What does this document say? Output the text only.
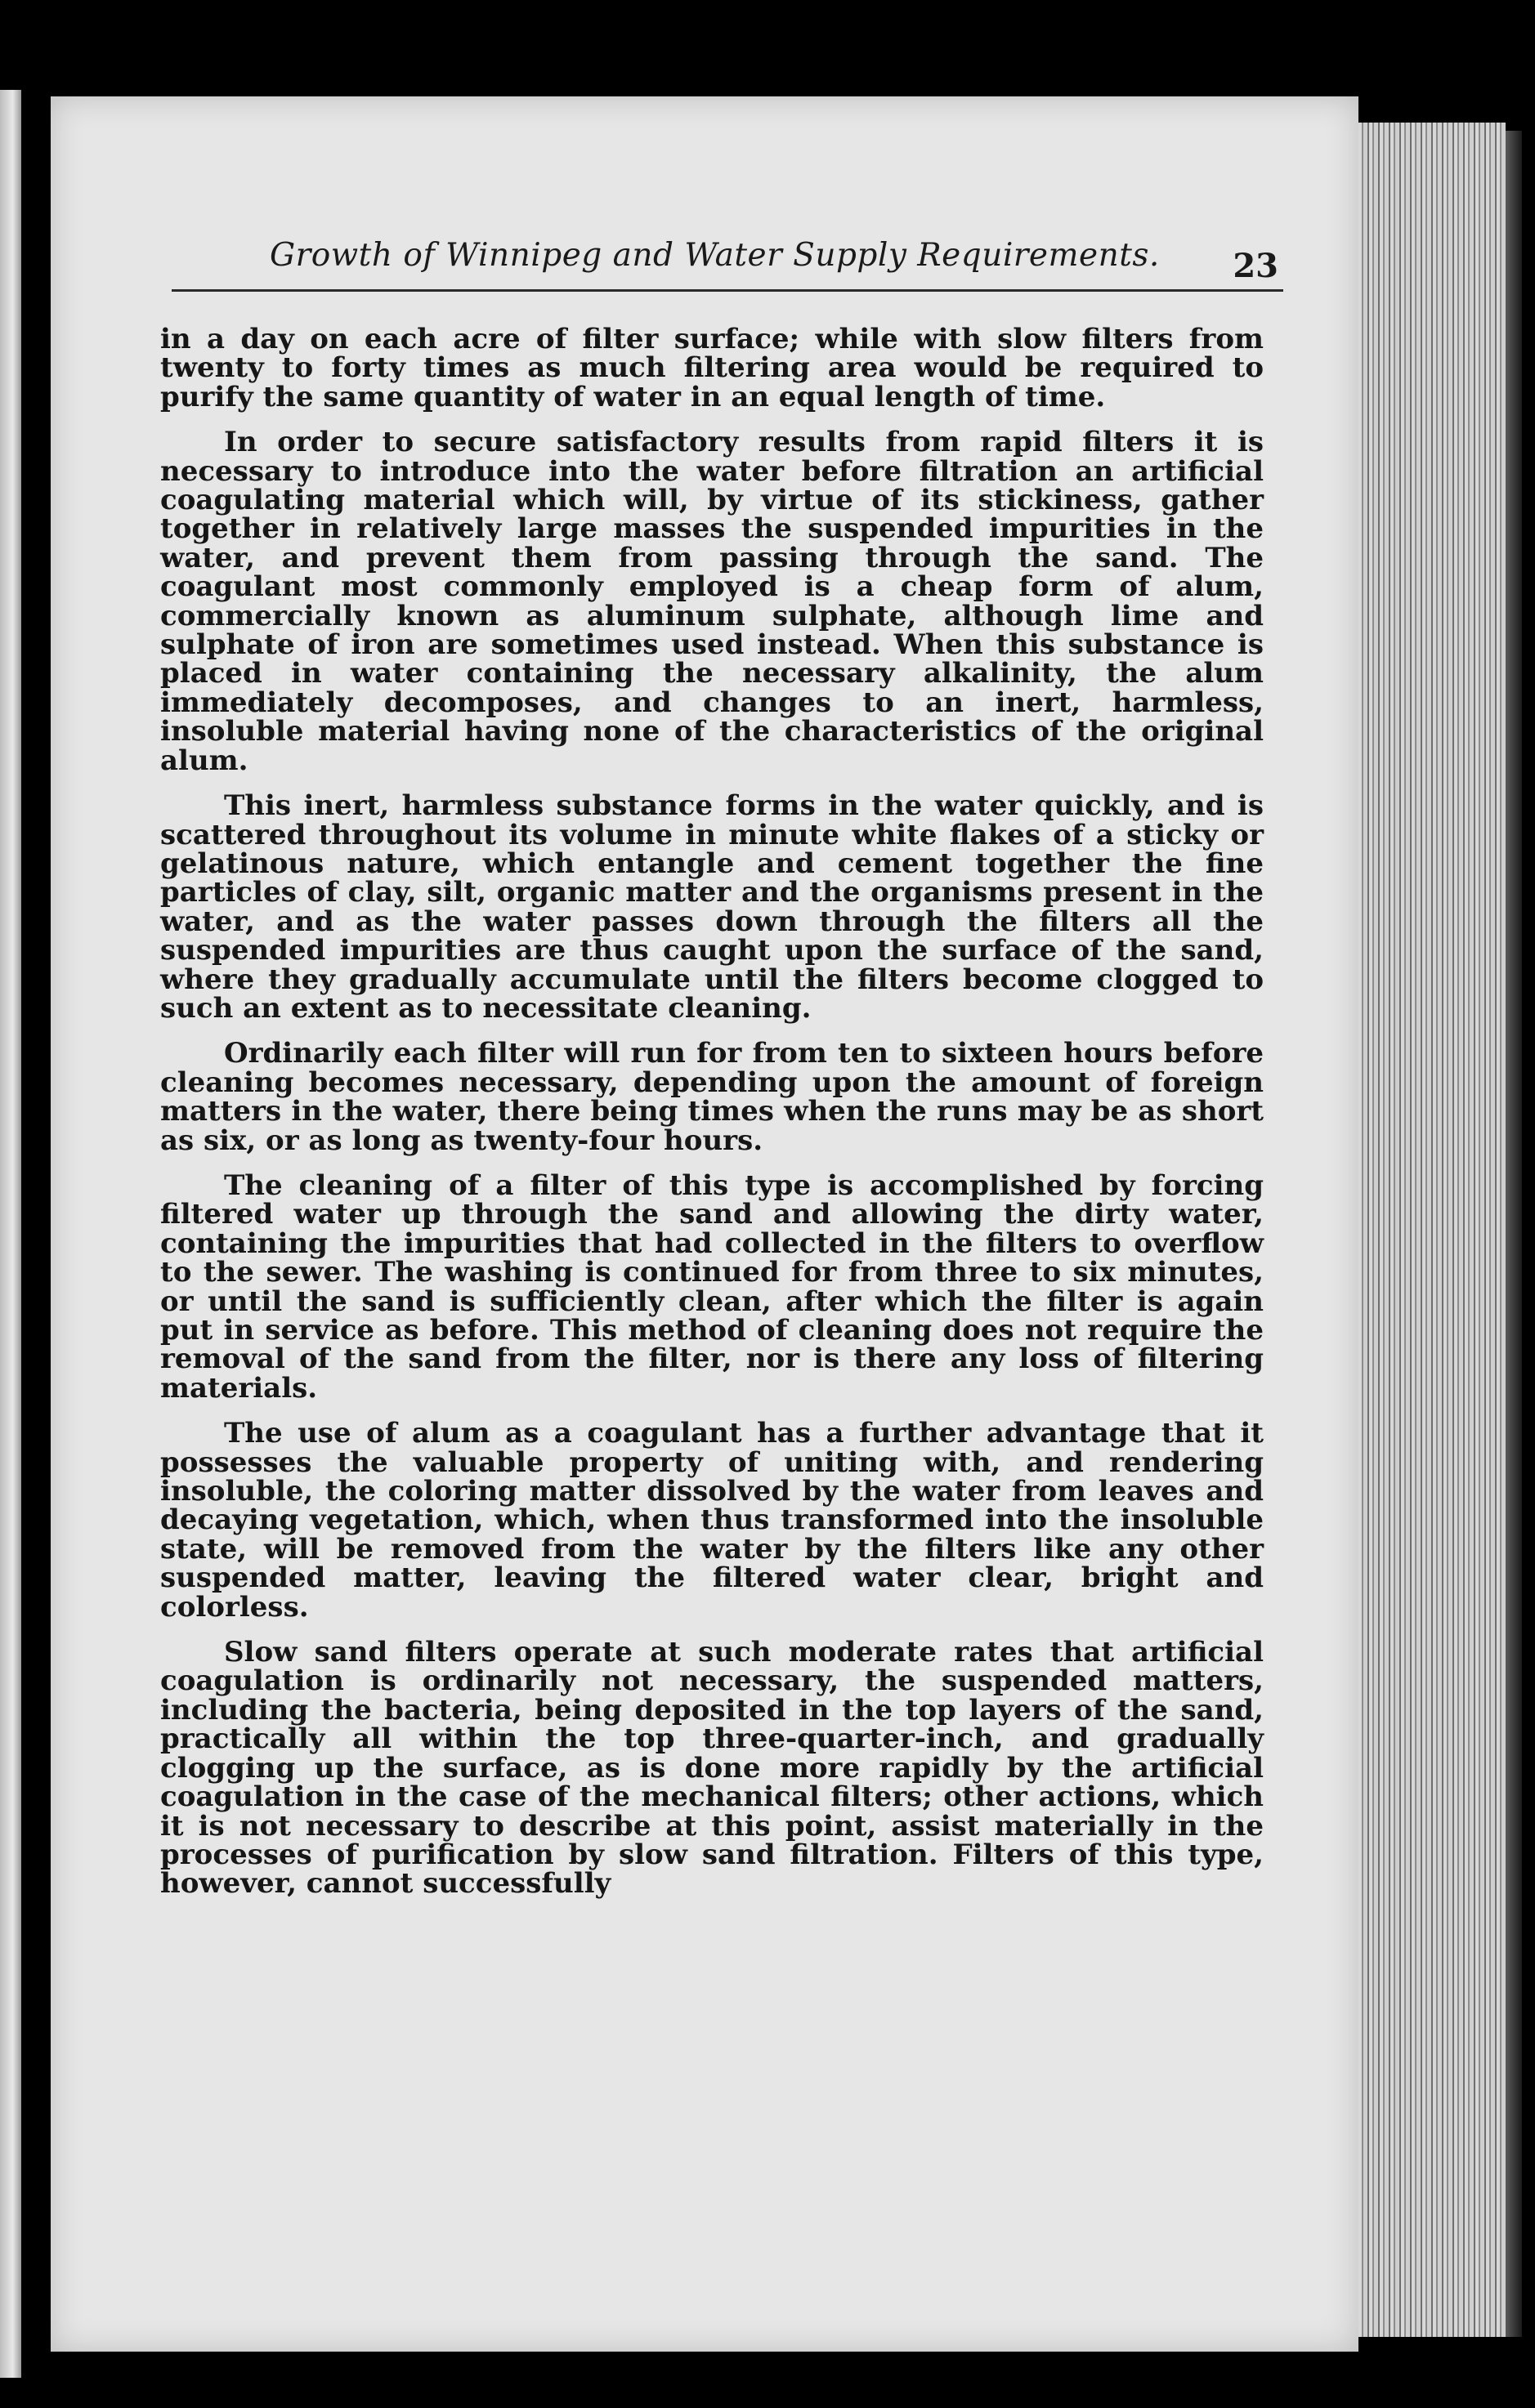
Growth of Winnipeg and Water Supply Requirements. 23

in a day on each acre of filter surface; while with slow filters from twenty to forty times as much filtering area would be required to purify the same quantity of water in an equal length of time.

In order to secure satisfactory results from rapid filters it is necessary to introduce into the water before filtration an artificial coagulating material which will, by virtue of its stickiness, gather together in relatively large masses the suspended impurities in the water, and prevent them from passing through the sand. The coagulant most commonly employed is a cheap form of alum, commercially known as aluminum sulphate, although lime and sulphate of iron are sometimes used instead. When this substance is placed in water containing the necessary alkalinity, the alum immediately decomposes, and changes to an inert, harmless, insoluble material having none of the characteristics of the original alum.

This inert, harmless substance forms in the water quickly, and is scattered throughout its volume in minute white flakes of a sticky or gelatinous nature, which entangle and cement together the fine particles of clay, silt, organic matter and the organisms present in the water, and as the water passes down through the filters all the suspended impurities are thus caught upon the surface of the sand, where they gradually accumulate until the filters become clogged to such an extent as to necessitate cleaning.

Ordinarily each filter will run for from ten to sixteen hours before cleaning becomes necessary, depending upon the amount of foreign matters in the water, there being times when the runs may be as short as six, or as long as twenty-four hours.

The cleaning of a filter of this type is accomplished by forcing filtered water up through the sand and allowing the dirty water, containing the impurities that had collected in the filters to overflow to the sewer. The washing is continued for from three to six minutes, or until the sand is sufficiently clean, after which the filter is again put in service as before. This method of cleaning does not require the removal of the sand from the filter, nor is there any loss of filtering materials.

The use of alum as a coagulant has a further advantage that it possesses the valuable property of uniting with, and rendering insoluble, the coloring matter dissolved by the water from leaves and decaying vegetation, which, when thus transformed into the insoluble state, will be removed from the water by the filters like any other suspended matter, leaving the filtered water clear, bright and colorless.

Slow sand filters operate at such moderate rates that artificial coagulation is ordinarily not necessary, the suspended matters, including the bacteria, being deposited in the top layers of the sand, practically all within the top three-quarter-inch, and gradually clogging up the surface, as is done more rapidly by the artificial coagulation in the case of the mechanical filters; other actions, which it is not necessary to describe at this point, assist materially in the processes of purification by slow sand filtration. Filters of this type, however, cannot successfully
